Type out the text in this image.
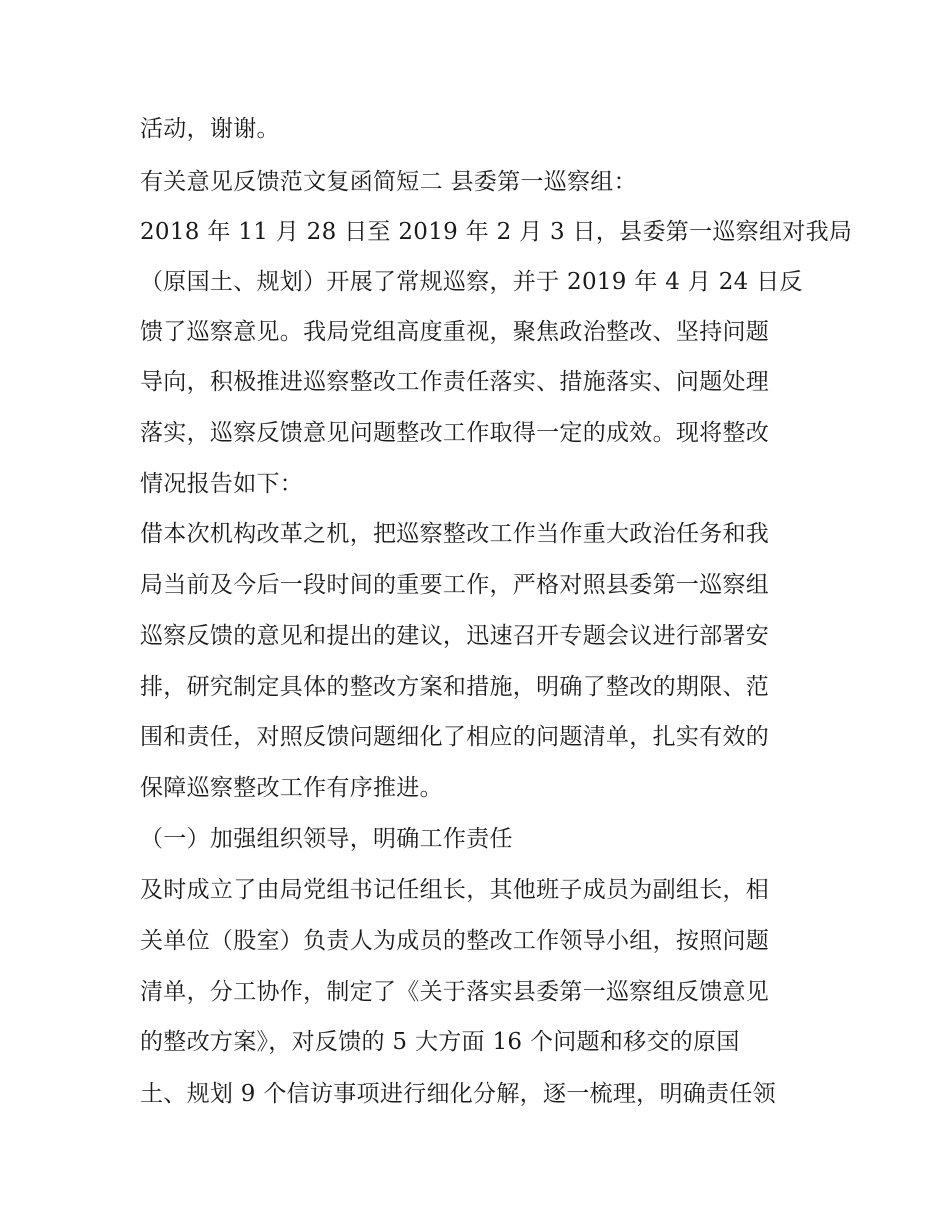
活动，谢谢。
有关意见反馈范文复函简短二 县委第一巡察组：
2018 年 11 月 28 日至 2019 年 2 月 3 日，县委第一巡察组对我局
（原国土、规划）开展了常规巡察，并于 2019 年 4 月 24 日反
馈了巡察意见。我局党组高度重视，聚焦政治整改、坚持问题
导向，积极推进巡察整改工作责任落实、措施落实、问题处理
落实，巡察反馈意见问题整改工作取得一定的成效。现将整改
情况报告如下：
借本次机构改革之机，把巡察整改工作当作重大政治任务和我
局当前及今后一段时间的重要工作，严格对照县委第一巡察组
巡察反馈的意见和提出的建议，迅速召开专题会议进行部署安
排，研究制定具体的整改方案和措施，明确了整改的期限、范
围和责任，对照反馈问题细化了相应的问题清单，扎实有效的
保障巡察整改工作有序推进。
（一）加强组织领导，明确工作责任
及时成立了由局党组书记任组长，其他班子成员为副组长，相
关单位（股室）负责人为成员的整改工作领导小组，按照问题
清单，分工协作，制定了《关于落实县委第一巡察组反馈意见
的整改方案》，对反馈的 5 大方面 16 个问题和移交的原国
土、规划 9 个信访事项进行细化分解，逐一梳理，明确责任领
